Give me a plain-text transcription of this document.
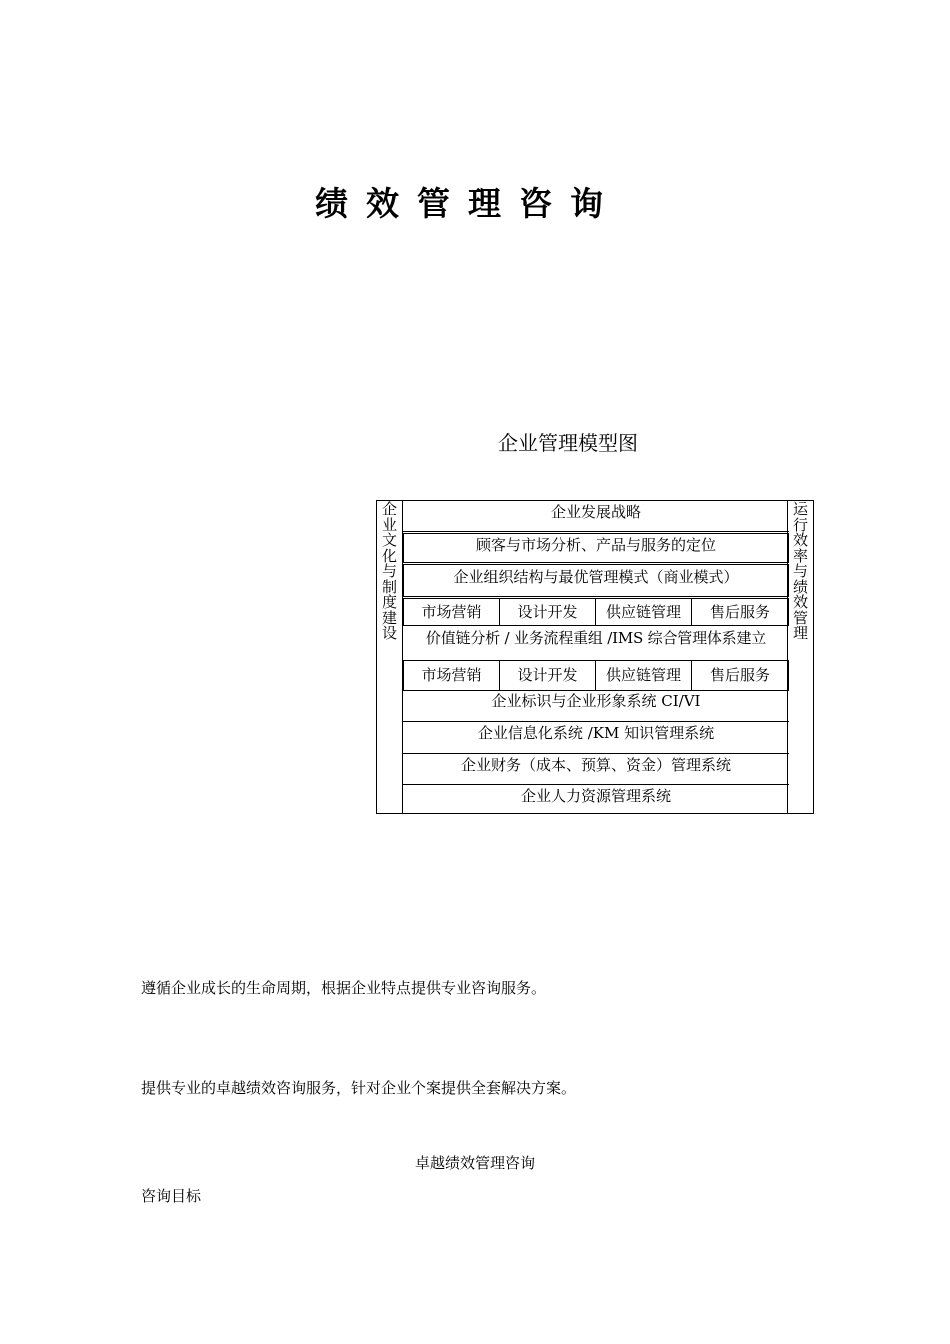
绩效管理咨询
企业管理模型图
企
业
文
化
与
制
度
建
设
运
行
效
率
与
绩
效
管
理
企业发展战略
顾客与市场分析、产品与服务的定位
企业组织结构与最优管理模式（商业模式）
市场营销	设计开发	供应链管理	售后服务
价值链分析 / 业务流程重组 /IMS 综合管理体系建立
市场营销	设计开发	供应链管理	售后服务
企业标识与企业形象系统 CI/VI
企业信息化系统 /KM 知识管理系统
企业财务（成本、预算、资金）管理系统
企业人力资源管理系统
遵循企业成长的生命周期，根据企业特点提供专业咨询服务。
提供专业的卓越绩效咨询服务，针对企业个案提供全套解决方案。
卓越绩效管理咨询
咨询目标
